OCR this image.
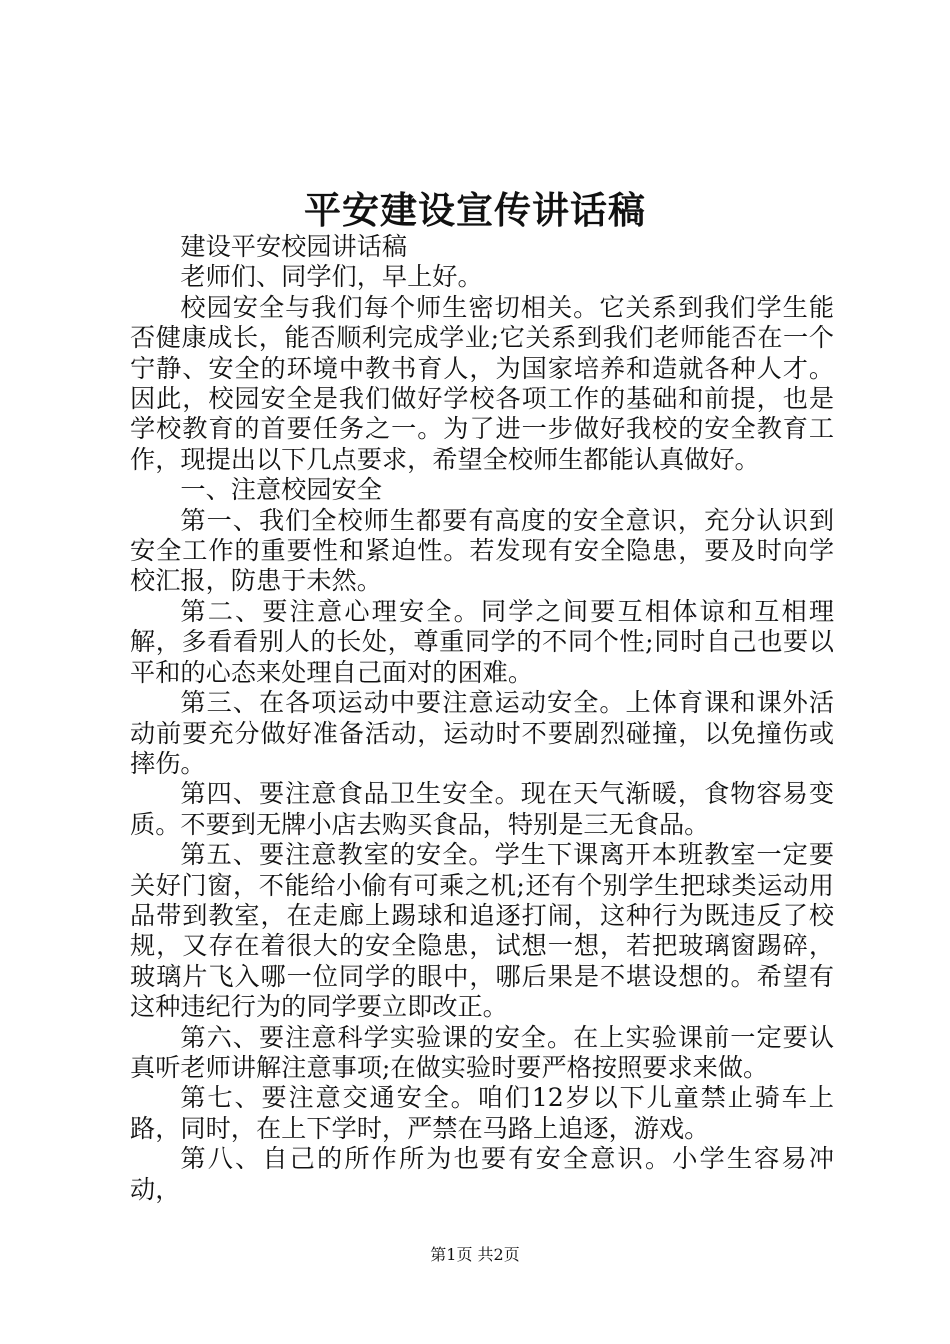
平安建设宣传讲话稿

建设平安校园讲话稿

老师们、同学们，早上好。

校园安全与我们每个师生密切相关。它关系到我们学生能否健康成长，能否顺利完成学业;它关系到我们老师能否在一个宁静、安全的环境中教书育人，为国家培养和造就各种人才。因此，校园安全是我们做好学校各项工作的基础和前提，也是学校教育的首要任务之一。为了进一步做好我校的安全教育工作，现提出以下几点要求，希望全校师生都能认真做好。

一、注意校园安全

第一、我们全校师生都要有高度的安全意识，充分认识到安全工作的重要性和紧迫性。若发现有安全隐患，要及时向学校汇报，防患于未然。

第二、要注意心理安全。同学之间要互相体谅和互相理解，多看看别人的长处，尊重同学的不同个性;同时自己也要以平和的心态来处理自己面对的困难。

第三、在各项运动中要注意运动安全。上体育课和课外活动前要充分做好准备活动，运动时不要剧烈碰撞，以免撞伤或摔伤。

第四、要注意食品卫生安全。现在天气渐暖，食物容易变质。不要到无牌小店去购买食品，特别是三无食品。

第五、要注意教室的安全。学生下课离开本班教室一定要关好门窗，不能给小偷有可乘之机;还有个别学生把球类运动用品带到教室，在走廊上踢球和追逐打闹，这种行为既违反了校规，又存在着很大的安全隐患，试想一想，若把玻璃窗踢碎，玻璃片飞入哪一位同学的眼中，哪后果是不堪设想的。希望有这种违纪行为的同学要立即改正。

第六、要注意科学实验课的安全。在上实验课前一定要认真听老师讲解注意事项;在做实验时要严格按照要求来做。

第七、要注意交通安全。咱们12岁以下儿童禁止骑车上路，同时，在上下学时，严禁在马路上追逐，游戏。

第八、自己的所作所为也要有安全意识。小学生容易冲动，

第1页 共2页
